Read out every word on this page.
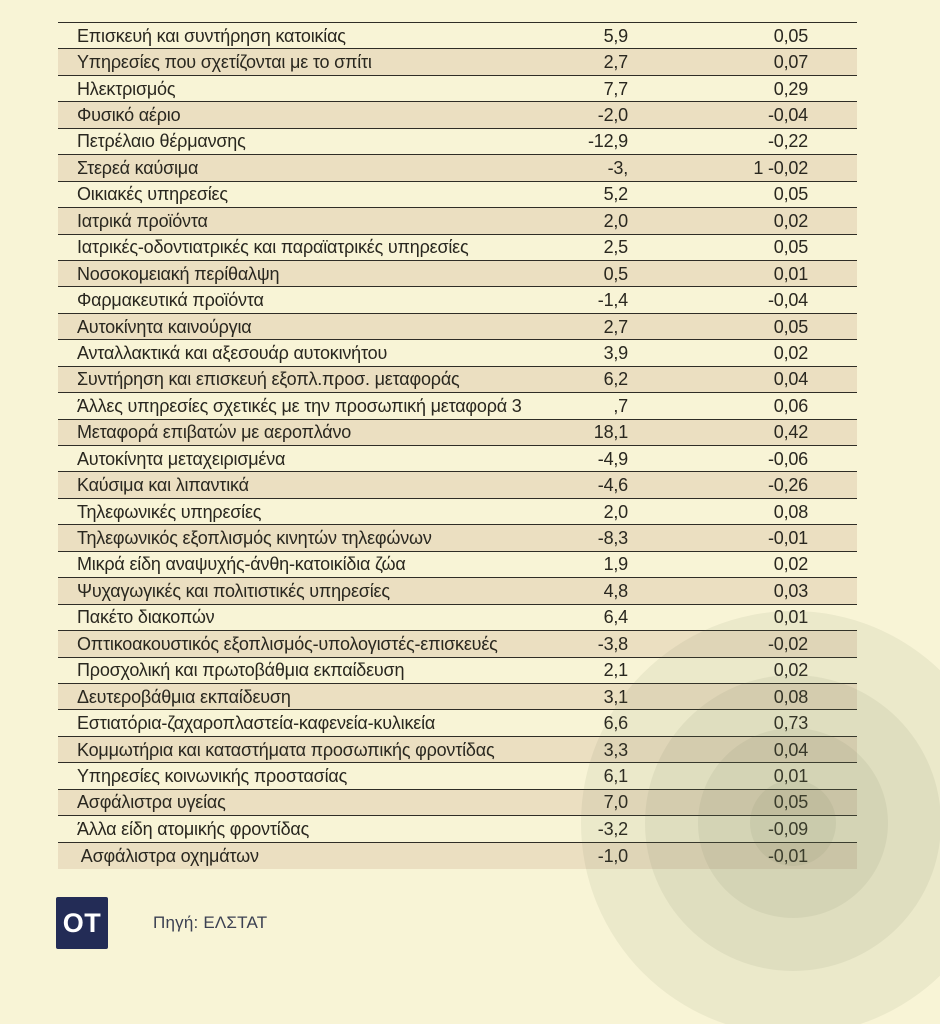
Επισκευή και συντήρηση κατοικίας	5,9	0,05
Υπηρεσίες που σχετίζονται με το σπίτι	2,7	0,07
Ηλεκτρισμός	7,7	0,29
Φυσικό αέριο	-2,0	-0,04
Πετρέλαιο θέρμανσης	-12,9	-0,22
Στερεά καύσιμα	-3,	1 -0,02
Οικιακές υπηρεσίες	5,2	0,05
Ιατρικά προϊόντα	2,0	0,02
Ιατρικές-οδοντιατρικές και παραϊατρικές υπηρεσίες	2,5	0,05
Νοσοκομειακή περίθαλψη	0,5	0,01
Φαρμακευτικά προϊόντα	-1,4	-0,04
Αυτοκίνητα καινούργια	2,7	0,05
Ανταλλακτικά και αξεσουάρ αυτοκινήτου	3,9	0,02
Συντήρηση και επισκευή εξοπλ.προσ. μεταφοράς	6,2	0,04
Άλλες υπηρεσίες σχετικές με την προσωπική μεταφορά 3	,7	0,06
Μεταφορά επιβατών με αεροπλάνο	18,1	0,42
Αυτοκίνητα μεταχειρισμένα	-4,9	-0,06
Καύσιμα και λιπαντικά	-4,6	-0,26
Τηλεφωνικές υπηρεσίες	2,0	0,08
Τηλεφωνικός εξοπλισμός κινητών τηλεφώνων	-8,3	-0,01
Μικρά είδη αναψυχής-άνθη-κατοικίδια ζώα	1,9	0,02
Ψυχαγωγικές και πολιτιστικές υπηρεσίες	4,8	0,03
Πακέτο διακοπών	6,4	0,01
Οπτικοακουστικός εξοπλισμός-υπολογιστές-επισκευές	-3,8	-0,02
Προσχολική και πρωτοβάθμια εκπαίδευση	2,1	0,02
Δευτεροβάθμια εκπαίδευση	3,1	0,08
Εστιατόρια-ζαχαροπλαστεία-καφενεία-κυλικεία	6,6	0,73
Κομμωτήρια και καταστήματα προσωπικής φροντίδας	3,3	0,04
Υπηρεσίες κοινωνικής προστασίας	6,1	0,01
Ασφάλιστρα υγείας	7,0	0,05
Άλλα είδη ατομικής φροντίδας	-3,2	-0,09
Ασφάλιστρα οχημάτων	-1,0	-0,01
OT	Πηγή: ΕΛΣΤΑΤ
